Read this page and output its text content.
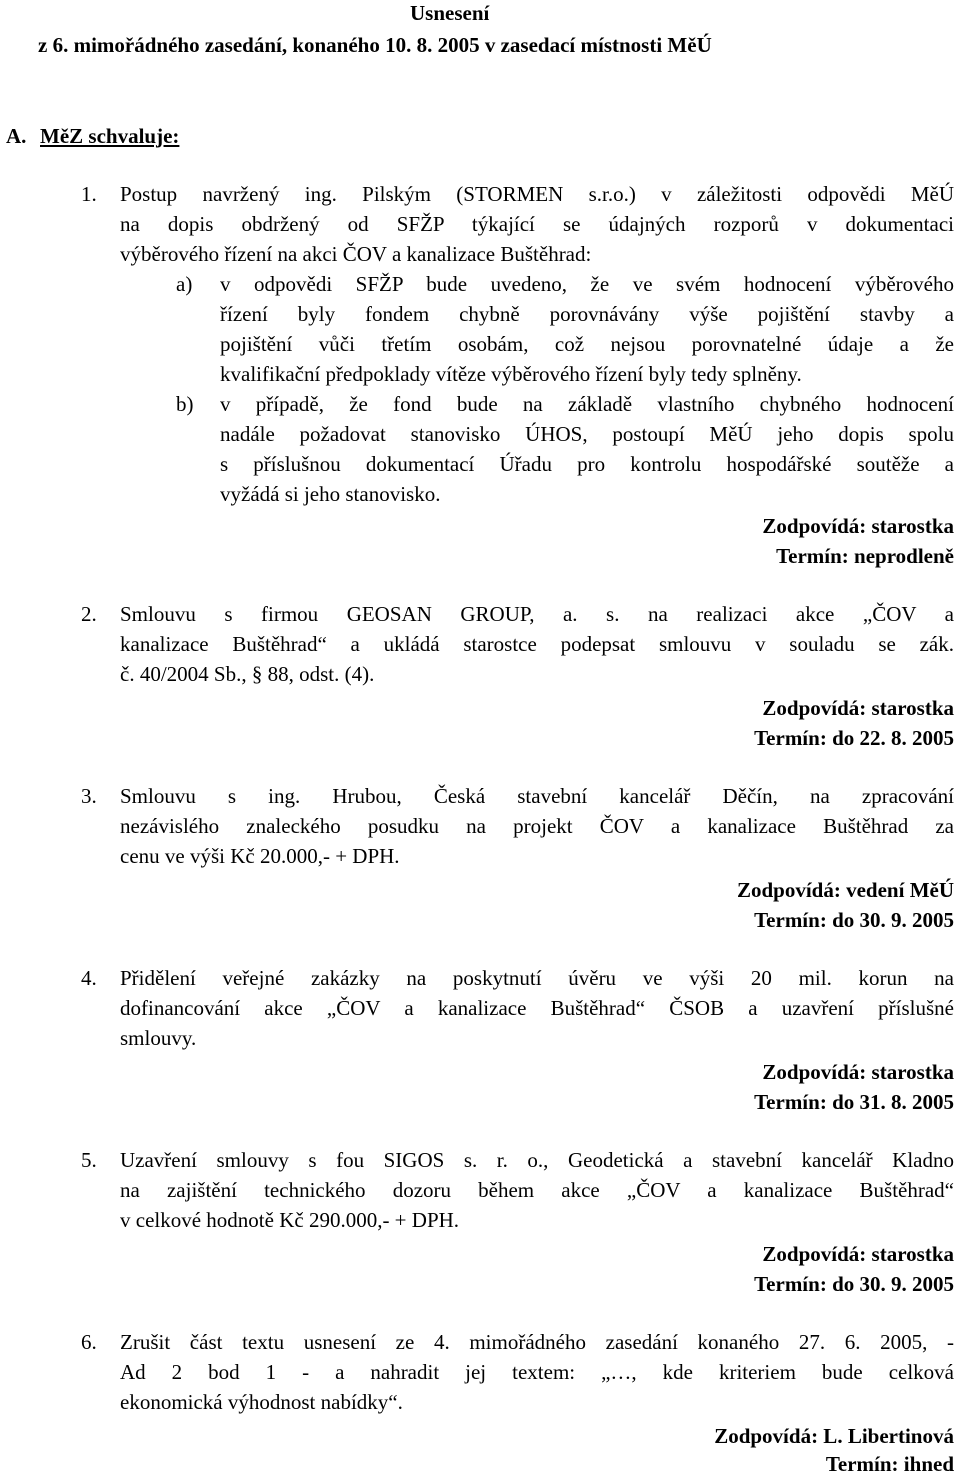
Usnesení
z 6. mimořádného zasedání, konaného 10. 8. 2005 v zasedací místnosti MěÚ
A. MěZ schvaluje:
1. Postup navržený ing. Pilským (STORMEN s.r.o.) v záležitosti odpovědi MěÚ
na dopis obdržený od SFŽP týkající se údajných rozporů v dokumentaci
výběrového řízení na akci ČOV a kanalizace Buštěhrad:
a) v odpovědi SFŽP bude uvedeno, že ve svém hodnocení výběrového
řízení byly fondem chybně porovnávány výše pojištění stavby a
pojištění vůči třetím osobám, což nejsou porovnatelné údaje a že
kvalifikační předpoklady vítěze výběrového řízení byly tedy splněny.
b) v případě, že fond bude na základě vlastního chybného hodnocení
nadále požadovat stanovisko ÚHOS, postoupí MěÚ jeho dopis spolu
s příslušnou dokumentací Úřadu pro kontrolu hospodářské soutěže a
vyžádá si jeho stanovisko.
Zodpovídá: starostka
Termín: neprodleně
2. Smlouvu s firmou GEOSAN GROUP, a. s. na realizaci akce „ČOV a
kanalizace Buštěhrad“ a ukládá starostce podepsat smlouvu v souladu se zák.
č. 40/2004 Sb., § 88, odst. (4).
Zodpovídá: starostka
Termín: do 22. 8. 2005
3. Smlouvu s ing. Hrubou, Česká stavební kancelář Děčín, na zpracování
nezávislého znaleckého posudku na projekt ČOV a kanalizace Buštěhrad za
cenu ve výši Kč 20.000,- + DPH.
Zodpovídá: vedení MěÚ
Termín: do 30. 9. 2005
4. Přidělení veřejné zakázky na poskytnutí úvěru ve výši 20 mil. korun na
dofinancování akce „ČOV a kanalizace Buštěhrad“ ČSOB a uzavření příslušné
smlouvy.
Zodpovídá: starostka
Termín: do 31. 8. 2005
5. Uzavření smlouvy s fou SIGOS s. r. o., Geodetická a stavební kancelář Kladno
na zajištění technického dozoru během akce „ČOV a kanalizace Buštěhrad“
v celkové hodnotě Kč 290.000,- + DPH.
Zodpovídá: starostka
Termín: do 30. 9. 2005
6. Zrušit část textu usnesení ze 4. mimořádného zasedání konaného 27. 6. 2005, -
Ad 2 bod 1 - a nahradit jej textem: „…, kde kriteriem bude celková
ekonomická výhodnost nabídky“.
Zodpovídá: L. Libertinová
Termín: ihned
